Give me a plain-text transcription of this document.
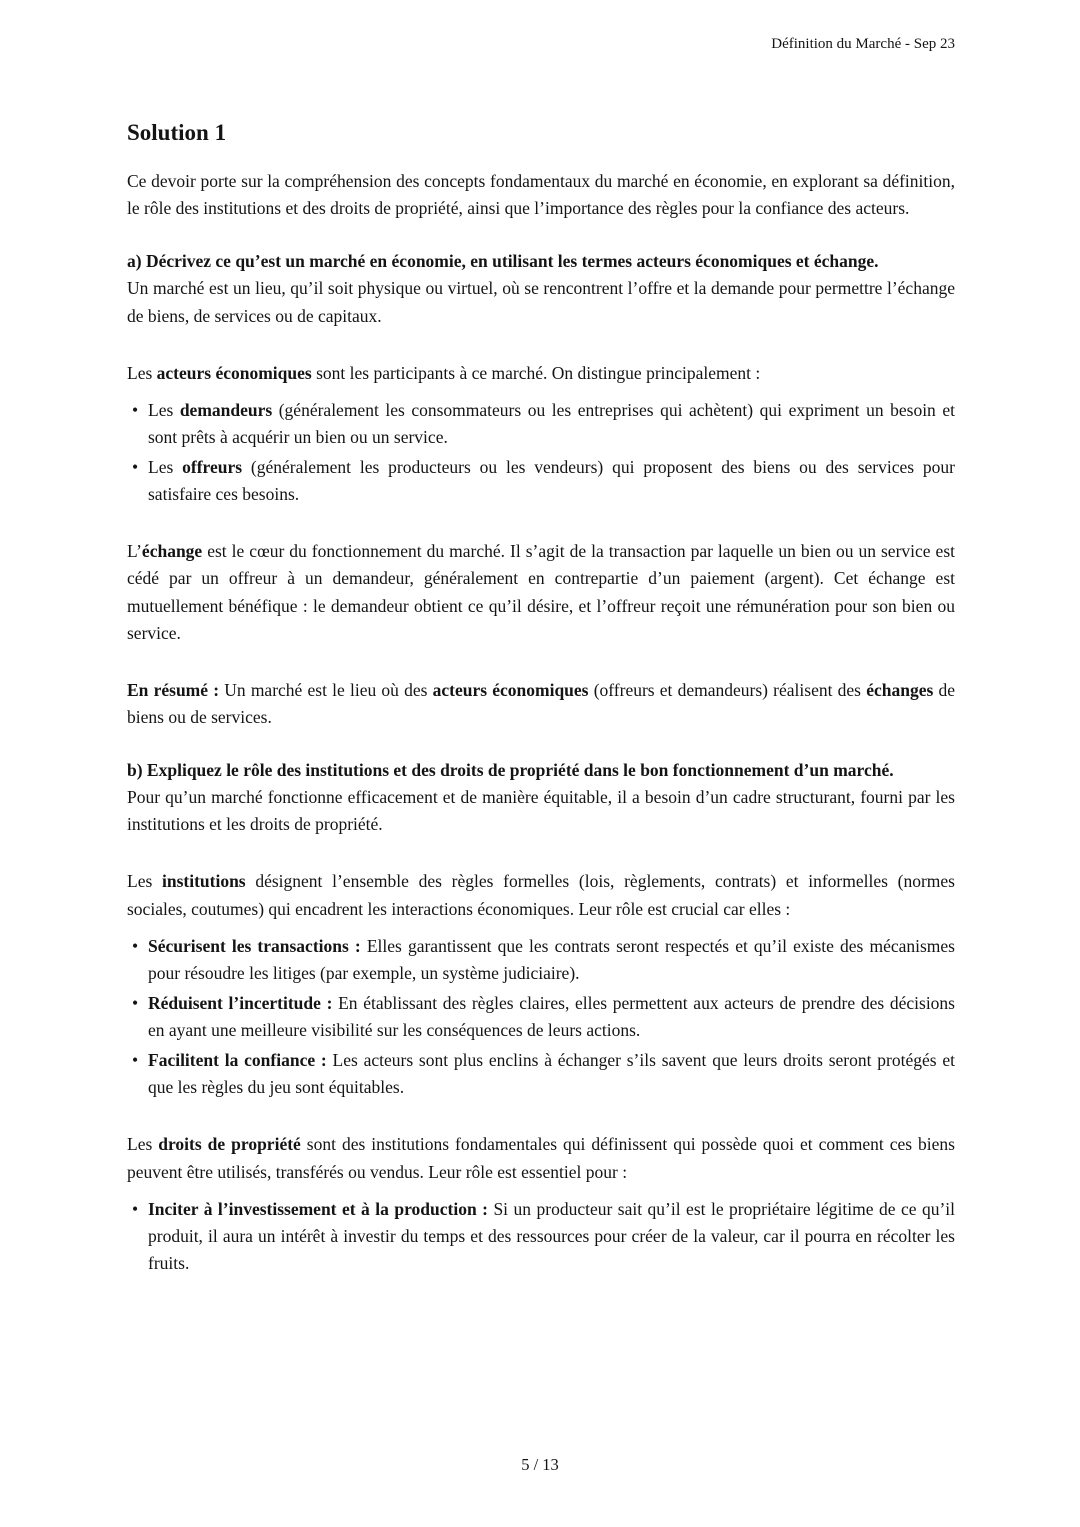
Définition du Marché - Sep 23
Solution 1

Ce devoir porte sur la compréhension des concepts fondamentaux du marché en économie, en explorant sa définition, le rôle des institutions et des droits de propriété, ainsi que l’importance des règles pour la confiance des acteurs.

a) Décrivez ce qu’est un marché en économie, en utilisant les termes acteurs économiques et échange.

Un marché est un lieu, qu’il soit physique ou virtuel, où se rencontrent l’offre et la demande pour permettre l’échange de biens, de services ou de capitaux.

Les acteurs économiques sont les participants à ce marché. On distingue principalement :

• Les demandeurs (généralement les consommateurs ou les entreprises qui achètent) qui expriment un besoin et sont prêts à acquérir un bien ou un service.
• Les offreurs (généralement les producteurs ou les vendeurs) qui proposent des biens ou des services pour satisfaire ces besoins.

L’échange est le cœur du fonctionnement du marché. Il s’agit de la transaction par laquelle un bien ou un service est cédé par un offreur à un demandeur, généralement en contrepartie d’un paiement (argent). Cet échange est mutuellement bénéfique : le demandeur obtient ce qu’il désire, et l’offreur reçoit une rémunération pour son bien ou service.

En résumé : Un marché est le lieu où des acteurs économiques (offreurs et demandeurs) réalisent des échanges de biens ou de services.

b) Expliquez le rôle des institutions et des droits de propriété dans le bon fonctionnement d’un marché.

Pour qu’un marché fonctionne efficacement et de manière équitable, il a besoin d’un cadre structurant, fourni par les institutions et les droits de propriété.

Les institutions désignent l’ensemble des règles formelles (lois, règlements, contrats) et informelles (normes sociales, coutumes) qui encadrent les interactions économiques. Leur rôle est crucial car elles :

• Sécurisent les transactions : Elles garantissent que les contrats seront respectés et qu’il existe des mécanismes pour résoudre les litiges (par exemple, un système judiciaire).
• Réduisent l’incertitude : En établissant des règles claires, elles permettent aux acteurs de prendre des décisions en ayant une meilleure visibilité sur les conséquences de leurs actions.
• Facilitent la confiance : Les acteurs sont plus enclins à échanger s’ils savent que leurs droits seront protégés et que les règles du jeu sont équitables.

Les droits de propriété sont des institutions fondamentales qui définissent qui possède quoi et comment ces biens peuvent être utilisés, transférés ou vendus. Leur rôle est essentiel pour :

• Inciter à l’investissement et à la production : Si un producteur sait qu’il est le propriétaire légitime de ce qu’il produit, il aura un intérêt à investir du temps et des ressources pour créer de la valeur, car il pourra en récolter les fruits.
5 / 13
